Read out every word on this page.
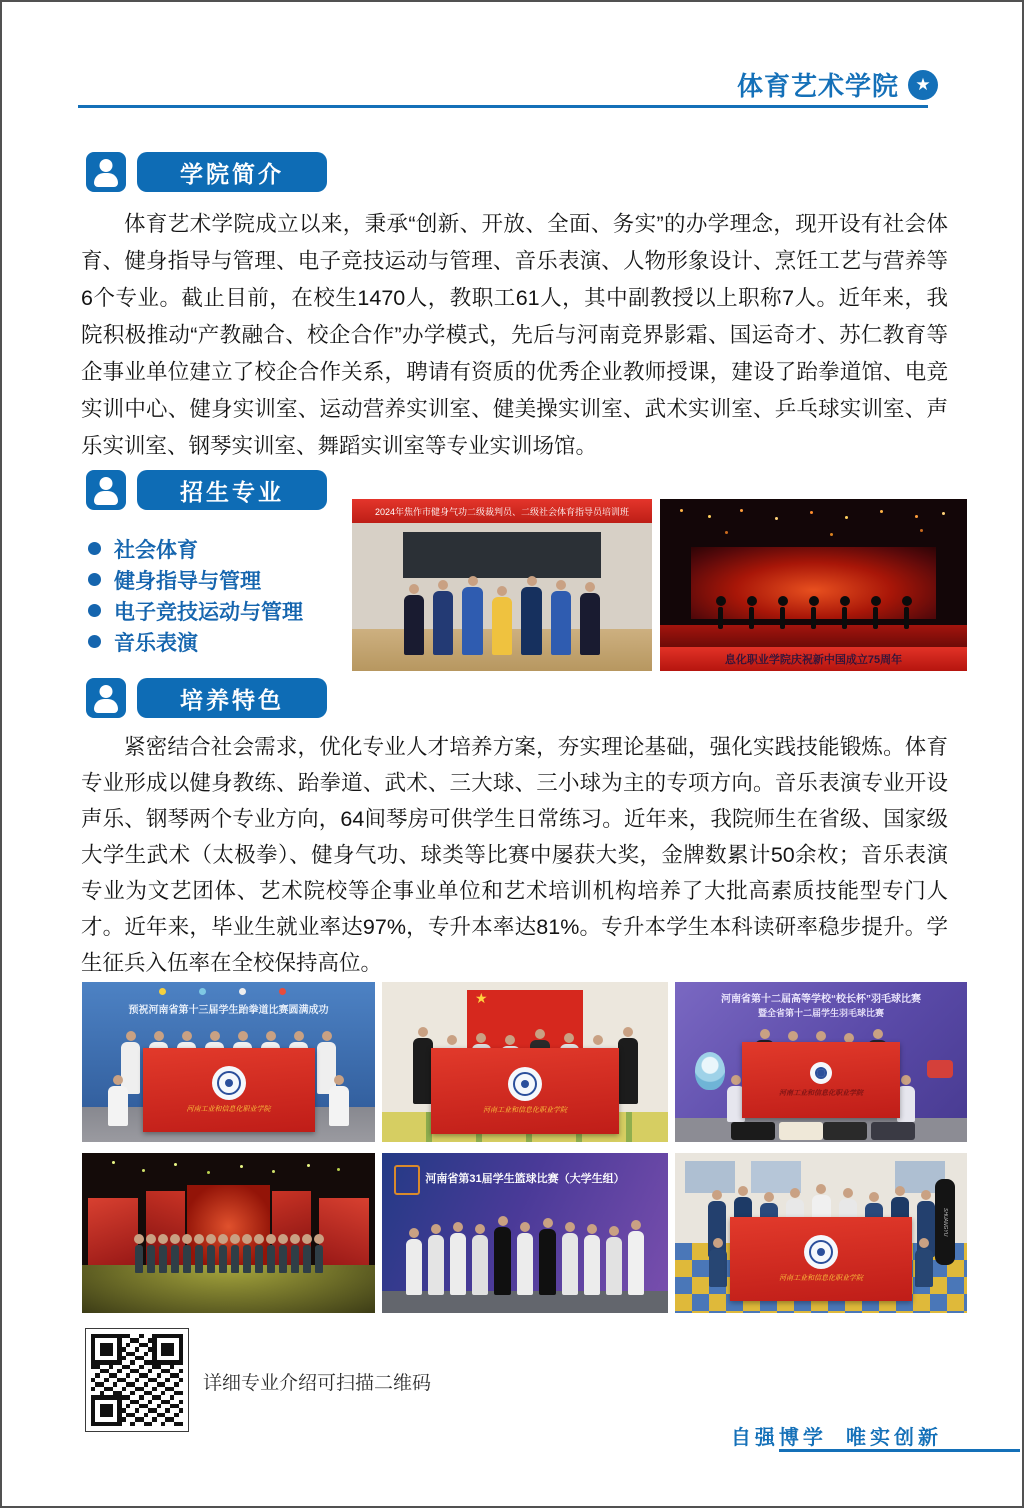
体育艺术学院 ★
学院简介

体育艺术学院成立以来，秉承“创新、开放、全面、务实”的办学理念，现开设有社会体育、健身指导与管理、电子竞技运动与管理、音乐表演、人物形象设计、烹饪工艺与营养等6个专业。截止目前，在校生1470人，教职工61人，其中副教授以上职称7人。近年来，我院积极推动“产教融合、校企合作”办学模式，先后与河南竞界影霜、国运奇才、苏仁教育等企事业单位建立了校企合作关系，聘请有资质的优秀企业教师授课，建设了跆拳道馆、电竞实训中心、健身实训室、运动营养实训室、健美操实训室、武术实训室、乒乓球实训室、声乐实训室、钢琴实训室、舞蹈实训室等专业实训场馆。

招生专业
社会体育
健身指导与管理
电子竞技运动与管理
音乐表演
2024年焦作市健身气功二级裁判员、二级社会体育指导员培训班
息化职业学院庆祝新中国成立75周年
培养特色

紧密结合社会需求，优化专业人才培养方案，夯实理论基础，强化实践技能锻炼。体育专业形成以健身教练、跆拳道、武术、三大球、三小球为主的专项方向。音乐表演专业开设声乐、钢琴两个专业方向，64间琴房可供学生日常练习。近年来，我院师生在省级、国家级大学生武术（太极拳）、健身气功、球类等比赛中屡获大奖，金牌数累计50余枚；音乐表演专业为文艺团体、艺术院校等企事业单位和艺术培训机构培养了大批高素质技能型专门人才。近年来，毕业生就业率达97%，专升本率达81%。专升本学生本科读研率稳步提升。学生征兵入伍率在全校保持高位。

预祝河南省第十三届学生跆拳道比赛圆满成功
河南工业和信息化职业学院
★
河南工业和信息化职业学院
河南省第十二届高等学校“校长杯”羽毛球比赛
暨全省第十二届学生羽毛球比赛
河南工业和信息化职业学院
河南省第31届学生篮球比赛（大学生组）
SHUANGYU
河南工业和信息化职业学院
详细专业介绍可扫描二维码
自强博学  唯实创新
